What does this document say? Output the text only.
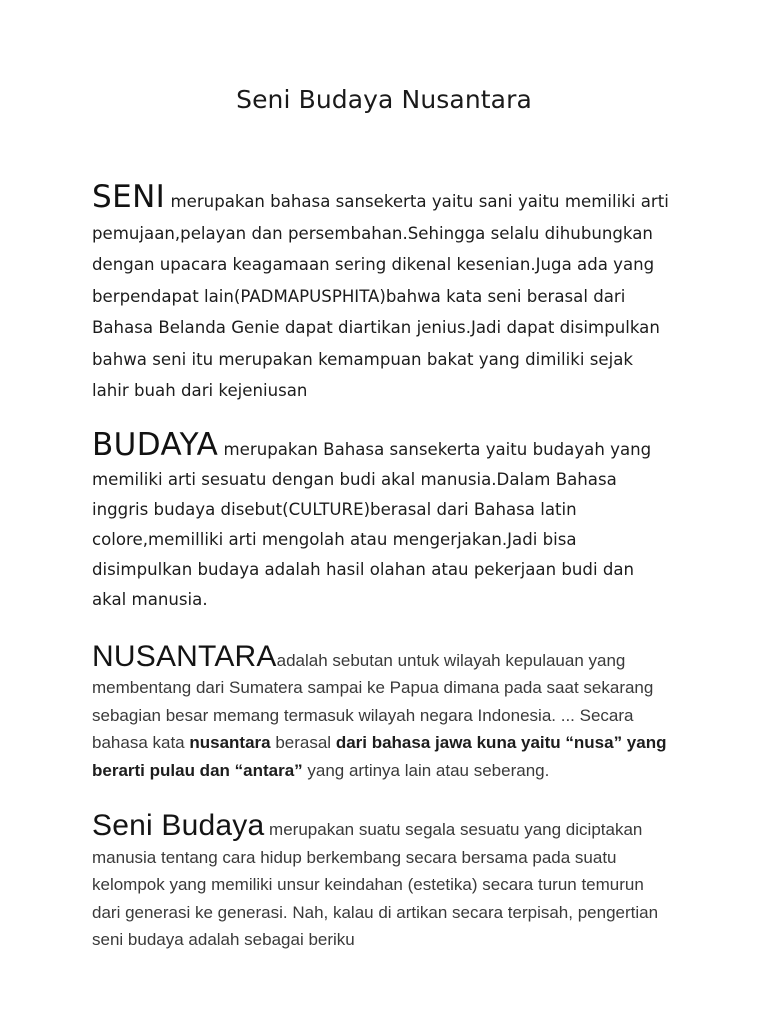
Seni Budaya Nusantara

SENI merupakan bahasa sansekerta yaitu sani yaitu memiliki arti pemujaan,pelayan dan persembahan.Sehingga selalu dihubungkan dengan upacara keagamaan sering dikenal kesenian.Juga ada yang berpendapat lain(PADMAPUSPHITA)bahwa kata seni berasal dari Bahasa Belanda Genie dapat diartikan jenius.Jadi dapat disimpulkan bahwa seni itu merupakan kemampuan bakat yang dimiliki sejak lahir buah dari kejeniusan

BUDAYA merupakan Bahasa sansekerta yaitu budayah yang memiliki arti sesuatu dengan budi akal manusia.Dalam Bahasa inggris budaya disebut(CULTURE)berasal dari Bahasa latin colore,memilliki arti mengolah atau mengerjakan.Jadi bisa disimpulkan budaya adalah hasil olahan atau pekerjaan budi dan akal manusia.

NUSANTARAadalah sebutan untuk wilayah kepulauan yang membentang dari Sumatera sampai ke Papua dimana pada saat sekarang sebagian besar memang termasuk wilayah negara Indonesia. ... Secara bahasa kata nusantara berasal dari bahasa jawa kuna yaitu “nusa” yang berarti pulau dan “antara” yang artinya lain atau seberang.

Seni Budaya merupakan suatu segala sesuatu yang diciptakan manusia tentang cara hidup berkembang secara bersama pada suatu kelompok yang memiliki unsur keindahan (estetika) secara turun temurun dari generasi ke generasi. Nah, kalau di artikan secara terpisah, pengertian seni budaya adalah sebagai beriku
